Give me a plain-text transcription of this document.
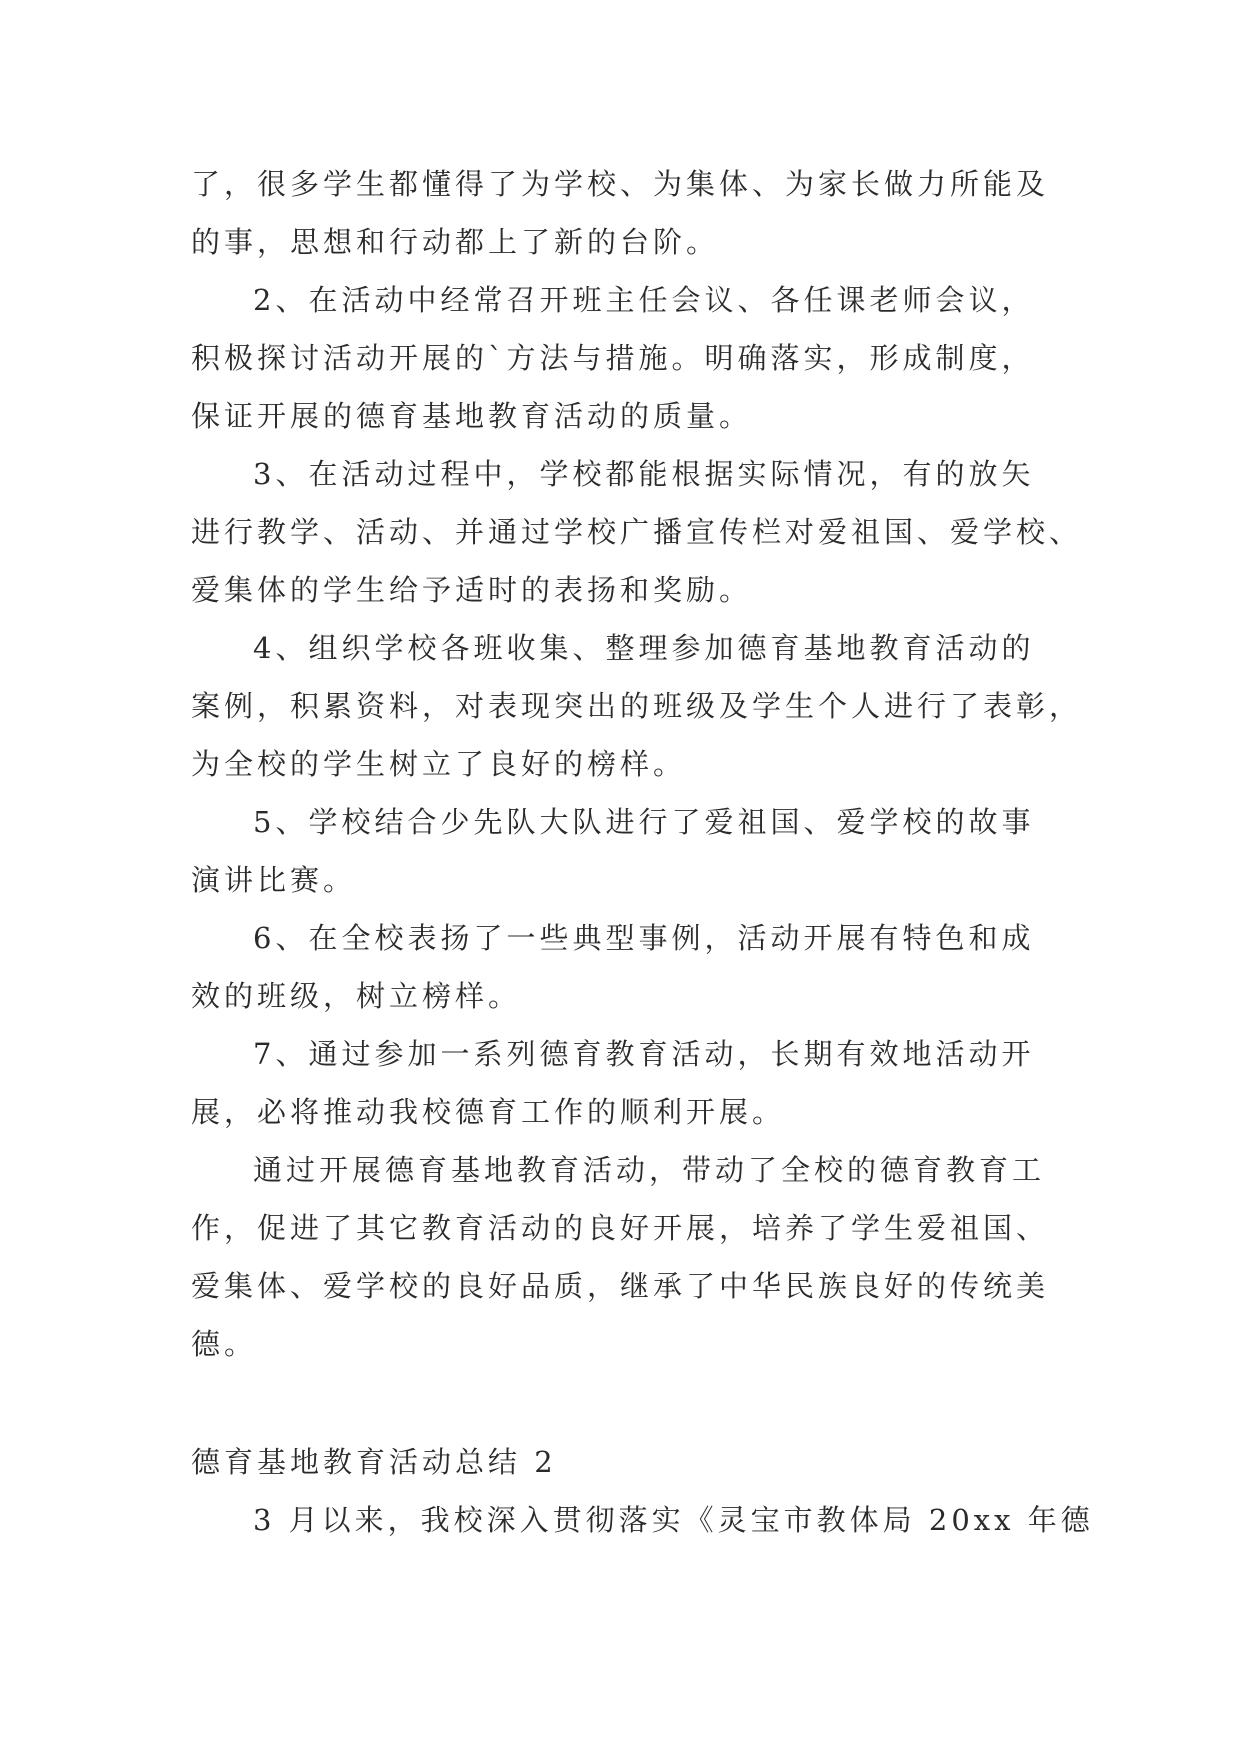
了，很多学生都懂得了为学校、为集体、为家长做力所能及
的事，思想和行动都上了新的台阶。
2、在活动中经常召开班主任会议、各任课老师会议，
积极探讨活动开展的`方法与措施。明确落实，形成制度，
保证开展的德育基地教育活动的质量。
3、在活动过程中，学校都能根据实际情况，有的放矢
进行教学、活动、并通过学校广播宣传栏对爱祖国、爱学校、
爱集体的学生给予适时的表扬和奖励。
4、组织学校各班收集、整理参加德育基地教育活动的
案例，积累资料，对表现突出的班级及学生个人进行了表彰，
为全校的学生树立了良好的榜样。
5、学校结合少先队大队进行了爱祖国、爱学校的故事
演讲比赛。
6、在全校表扬了一些典型事例，活动开展有特色和成
效的班级，树立榜样。
7、通过参加一系列德育教育活动，长期有效地活动开
展，必将推动我校德育工作的顺利开展。
通过开展德育基地教育活动，带动了全校的德育教育工
作，促进了其它教育活动的良好开展，培养了学生爱祖国、
爱集体、爱学校的良好品质，继承了中华民族良好的传统美
德。
德育基地教育活动总结 2
3 月以来，我校深入贯彻落实《灵宝市教体局 20xx 年德
